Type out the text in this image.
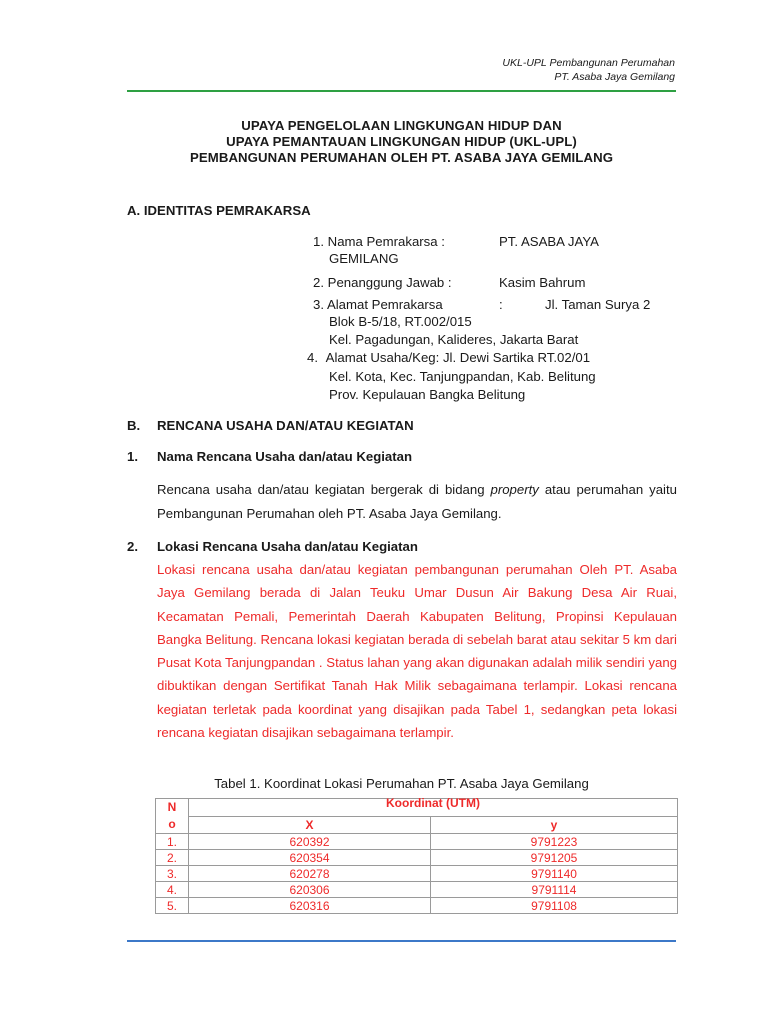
UKL-UPL Pembangunan Perumahan
PT. Asaba Jaya Gemilang
UPAYA PENGELOLAAN LINGKUNGAN HIDUP DAN
UPAYA PEMANTAUAN LINGKUNGAN HIDUP (UKL-UPL)
PEMBANGUNAN PERUMAHAN OLEH PT. ASABA JAYA GEMILANG
A. IDENTITAS PEMRAKARSA
1. Nama Pemrakarsa :	PT. ASABA JAYA
GEMILANG
2. Penanggung Jawab :	Kasim Bahrum
3. Alamat Pemrakarsa	:	Jl. Taman Surya 2
Blok B-5/18, RT.002/015
Kel. Pagadungan, Kalideres, Jakarta Barat
4. Alamat Usaha/Keg: Jl. Dewi Sartika RT.02/01
Kel. Kota, Kec. Tanjungpandan, Kab. Belitung
Prov. Kepulauan Bangka Belitung
B. RENCANA USAHA DAN/ATAU KEGIATAN
1. Nama Rencana Usaha dan/atau Kegiatan
Rencana usaha dan/atau kegiatan bergerak di bidang property atau perumahan yaitu Pembangunan Perumahan oleh PT. Asaba Jaya Gemilang.
2. Lokasi Rencana Usaha dan/atau Kegiatan
Lokasi rencana usaha dan/atau kegiatan pembangunan perumahan Oleh PT. Asaba Jaya Gemilang berada di Jalan Teuku Umar Dusun Air Bakung Desa Air Ruai, Kecamatan Pemali, Pemerintah Daerah Kabupaten Belitung, Propinsi Kepulauan Bangka Belitung. Rencana lokasi kegiatan berada di sebelah barat atau sekitar 5 km dari Pusat Kota Tanjungpandan . Status lahan yang akan digunakan adalah milik sendiri yang dibuktikan dengan Sertifikat Tanah Hak Milik sebagaimana terlampir. Lokasi rencana kegiatan terletak pada koordinat yang disajikan pada Tabel 1, sedangkan peta lokasi rencana kegiatan disajikan sebagaimana terlampir.
Tabel 1. Koordinat Lokasi Perumahan PT. Asaba Jaya Gemilang
N
o	Koordinat (UTM)	
	X	y
1.	620392	9791223
2.	620354	9791205
3.	620278	9791140
4.	620306	9791114
5.	620316	9791108
